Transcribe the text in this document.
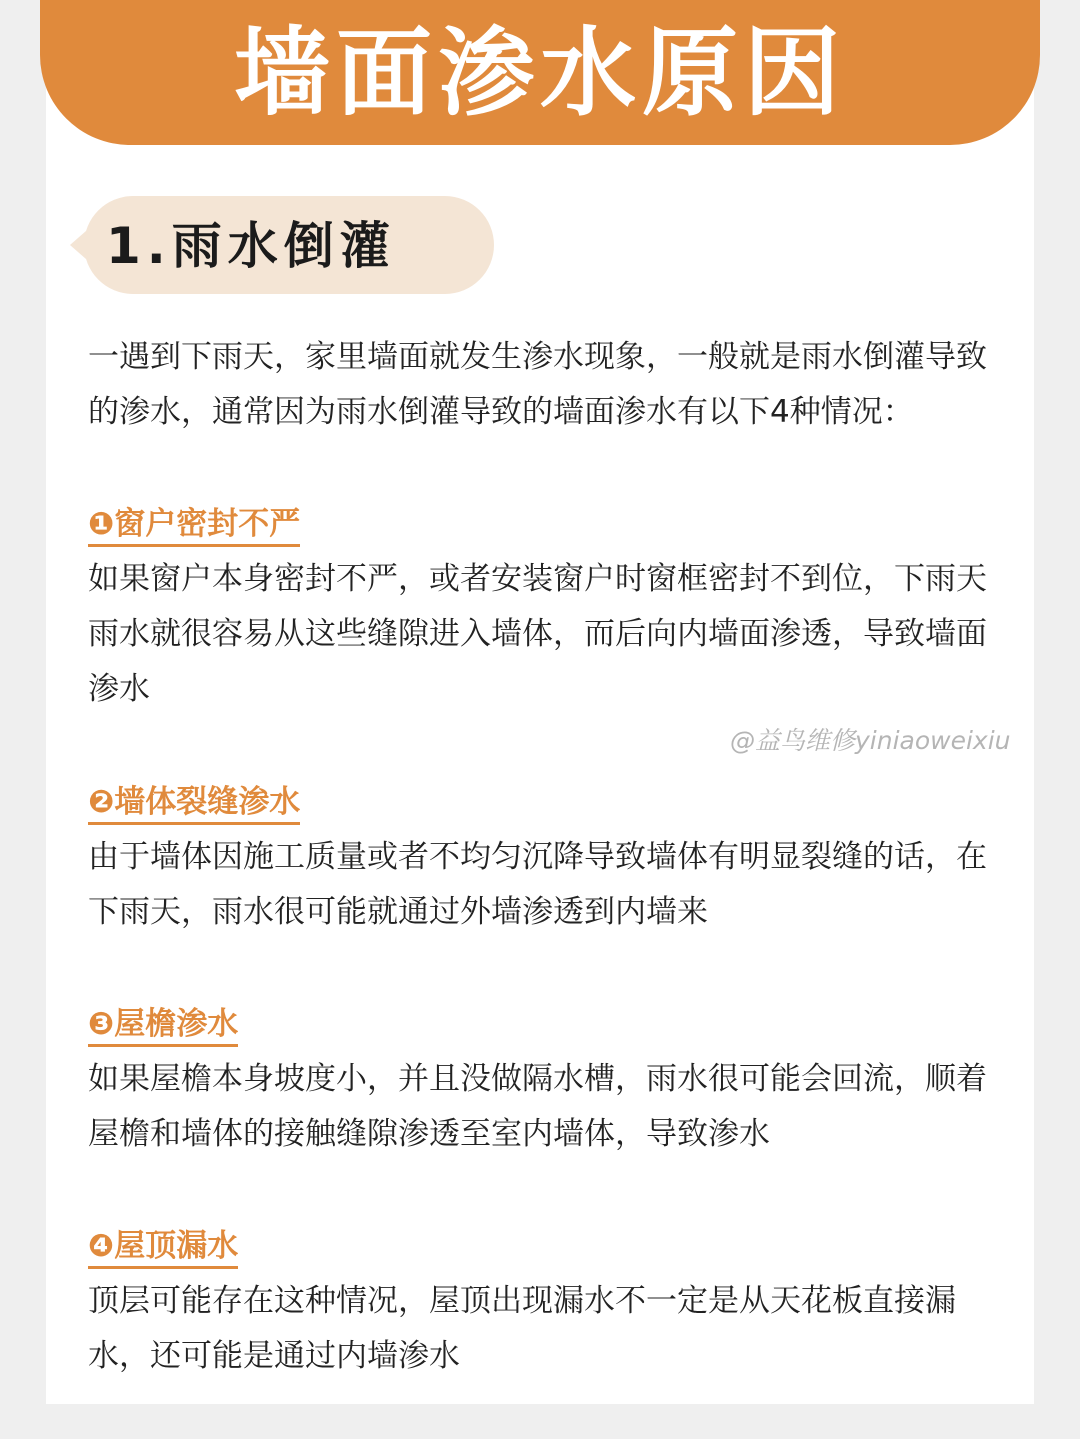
墙面渗水原因
1.雨水倒灌

一遇到下雨天，家里墙面就发生渗水现象，一般就是雨水倒灌导致的渗水，通常因为雨水倒灌导致的墙面渗水有以下4种情况：

❶窗户密封不严

如果窗户本身密封不严，或者安装窗户时窗框密封不到位，下雨天雨水就很容易从这些缝隙进入墙体，而后向内墙面渗透，导致墙面渗水

@益鸟维修yiniaoweixiu
❷墙体裂缝渗水

由于墙体因施工质量或者不均匀沉降导致墙体有明显裂缝的话，在下雨天，雨水很可能就通过外墙渗透到内墙来

❸屋檐渗水

如果屋檐本身坡度小，并且没做隔水槽，雨水很可能会回流，顺着屋檐和墙体的接触缝隙渗透至室内墙体，导致渗水

❹屋顶漏水

顶层可能存在这种情况，屋顶出现漏水不一定是从天花板直接漏水，还可能是通过内墙渗水
